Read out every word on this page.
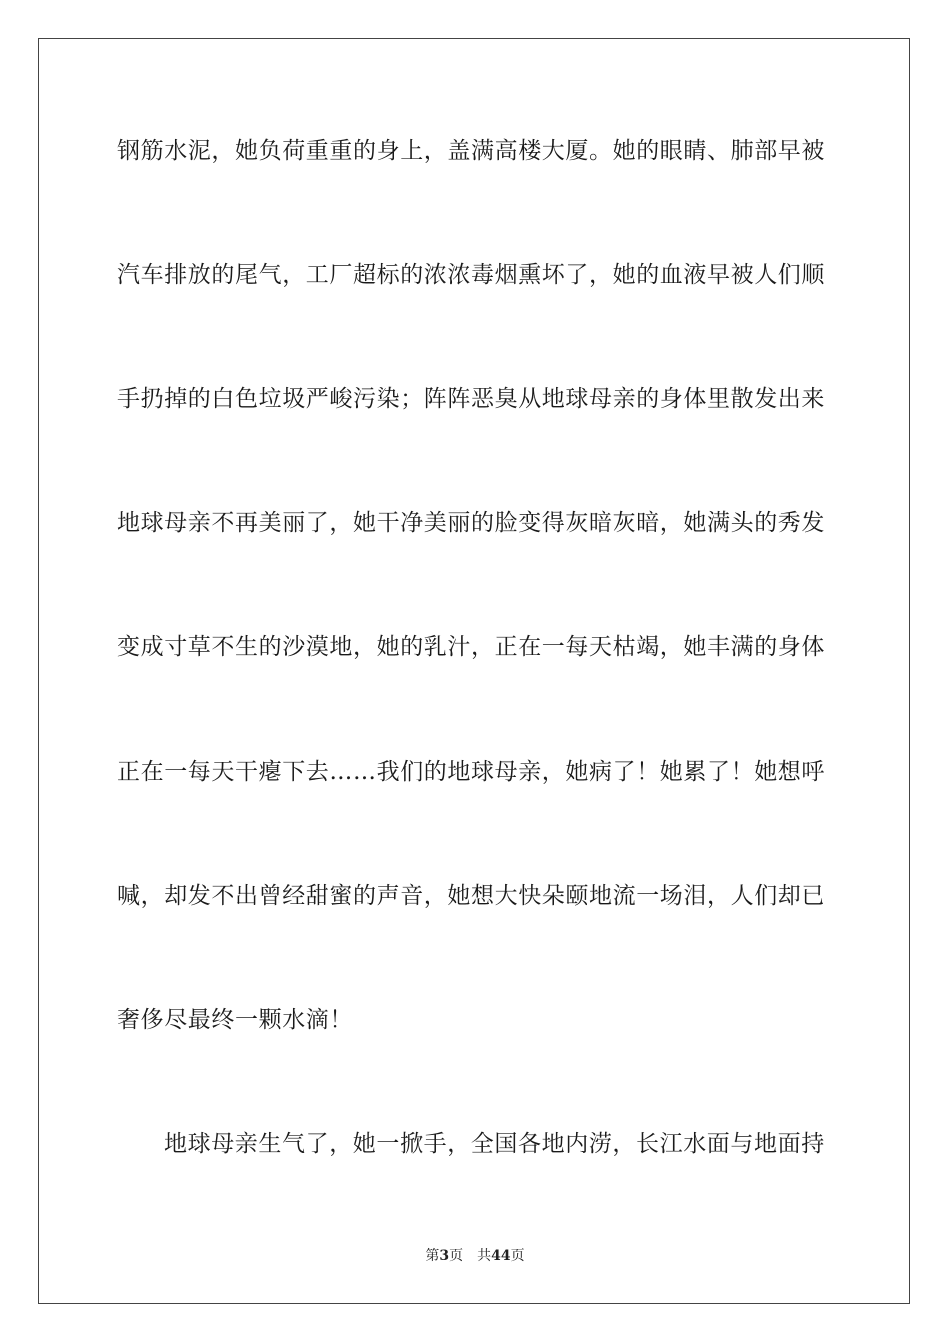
钢筋水泥，她负荷重重的身上，盖满高楼大厦。她的眼睛、肺部早被
汽车排放的尾气，工厂超标的浓浓毒烟熏坏了，她的血液早被人们顺
手扔掉的白色垃圾严峻污染；阵阵恶臭从地球母亲的身体里散发出来
地球母亲不再美丽了，她干净美丽的脸变得灰暗灰暗，她满头的秀发
变成寸草不生的沙漠地，她的乳汁，正在一每天枯竭，她丰满的身体
正在一每天干瘪下去……我们的地球母亲，她病了！她累了！她想呼
喊，却发不出曾经甜蜜的声音，她想大快朵颐地流一场泪，人们却已
奢侈尽最终一颗水滴！
地球母亲生气了，她一掀手，全国各地内涝，长江水面与地面持
第3页 共44页
